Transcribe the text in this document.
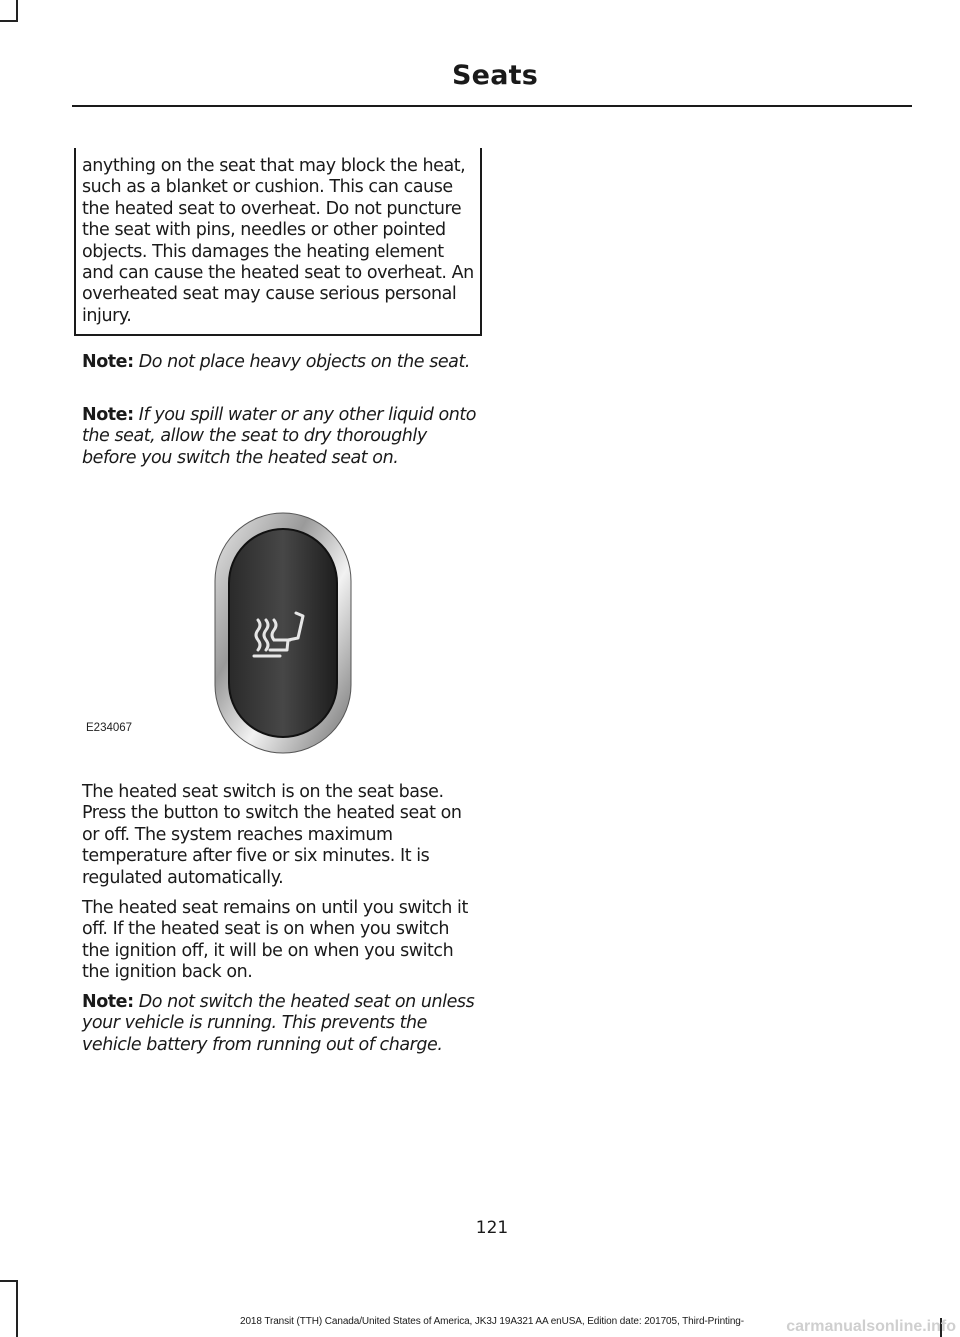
Seats

anything on the seat that may block the heat, such as a blanket or cushion. This can cause the heated seat to overheat. Do not puncture the seat with pins, needles or other pointed objects. This damages the heating element and can cause the heated seat to overheat. An overheated seat may cause serious personal injury.

Note: Do not place heavy objects on the seat.

Note: If you spill water or any other liquid onto the seat, allow the seat to dry thoroughly before you switch the heated seat on.

E234067

The heated seat switch is on the seat base. Press the button to switch the heated seat on or off. The system reaches maximum temperature after five or six minutes. It is regulated automatically.

The heated seat remains on until you switch it off. If the heated seat is on when you switch the ignition off, it will be on when you switch the ignition back on.

Note: Do not switch the heated seat on unless your vehicle is running. This prevents the vehicle battery from running out of charge.

121
2018 Transit (TTH) Canada/United States of America, JK3J 19A321 AA enUSA, Edition date: 201705, Third-Printing-	carmanualsonline.info
